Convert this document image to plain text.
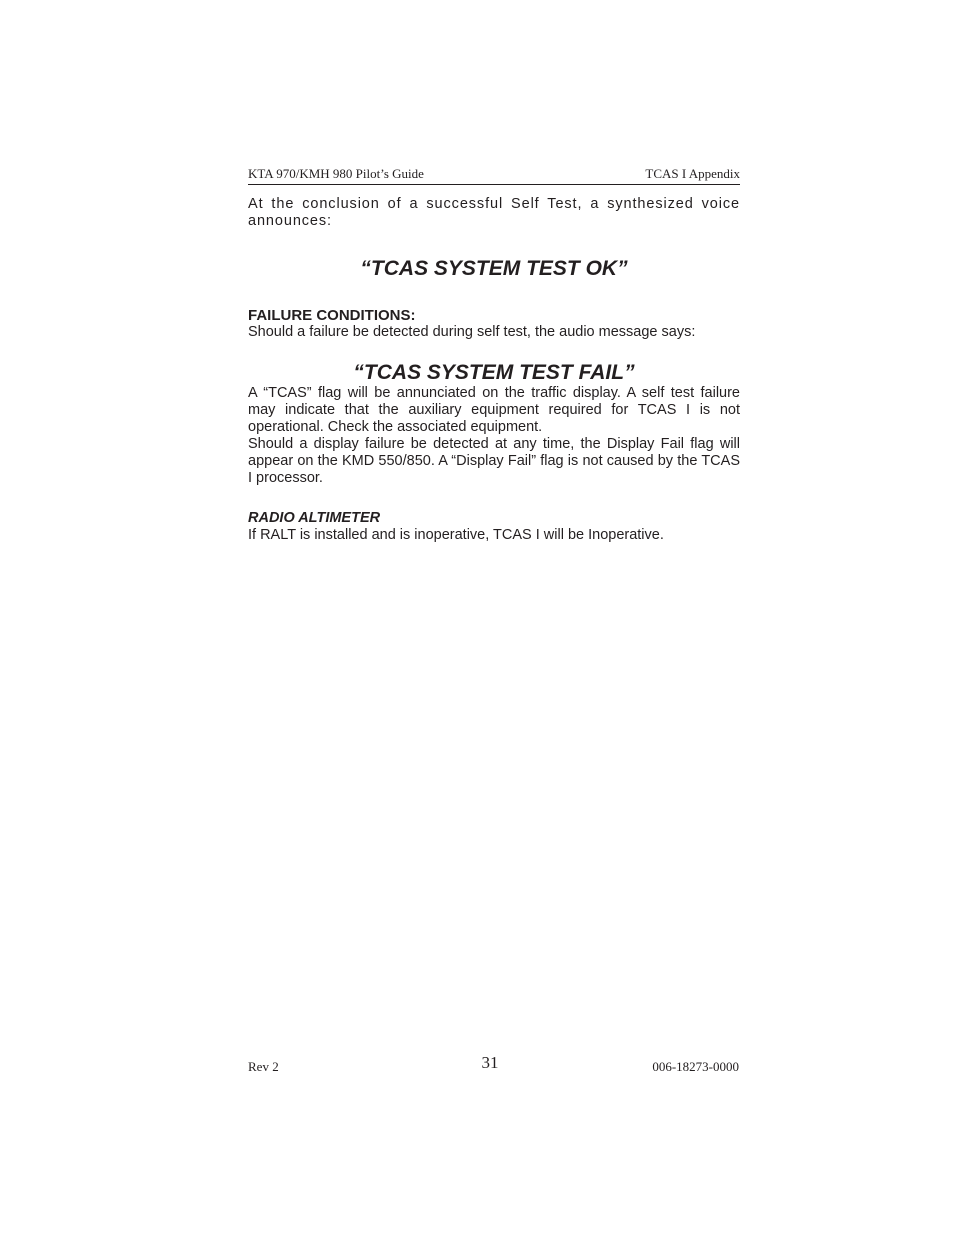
KTA 970/KMH 980 Pilot’s Guide	TCAS I Appendix

At the conclusion of a successful Self Test, a synthesized voice announces:

“TCAS SYSTEM TEST OK”
FAILURE CONDITIONS:

Should a failure be detected during self test, the audio message says:

“TCAS SYSTEM TEST FAIL”

A “TCAS” flag will be annunciated on the traffic display. A self test failure may indicate that the auxiliary equipment required for TCAS I is not operational. Check the associated equipment.

Should a display failure be detected at any time, the Display Fail flag will appear on the KMD 550/850. A “Display Fail” flag is not caused by the TCAS I processor.

RADIO ALTIMETER

If RALT is installed and is inoperative, TCAS I will be Inoperative.

Rev 2	31	006-18273-0000
